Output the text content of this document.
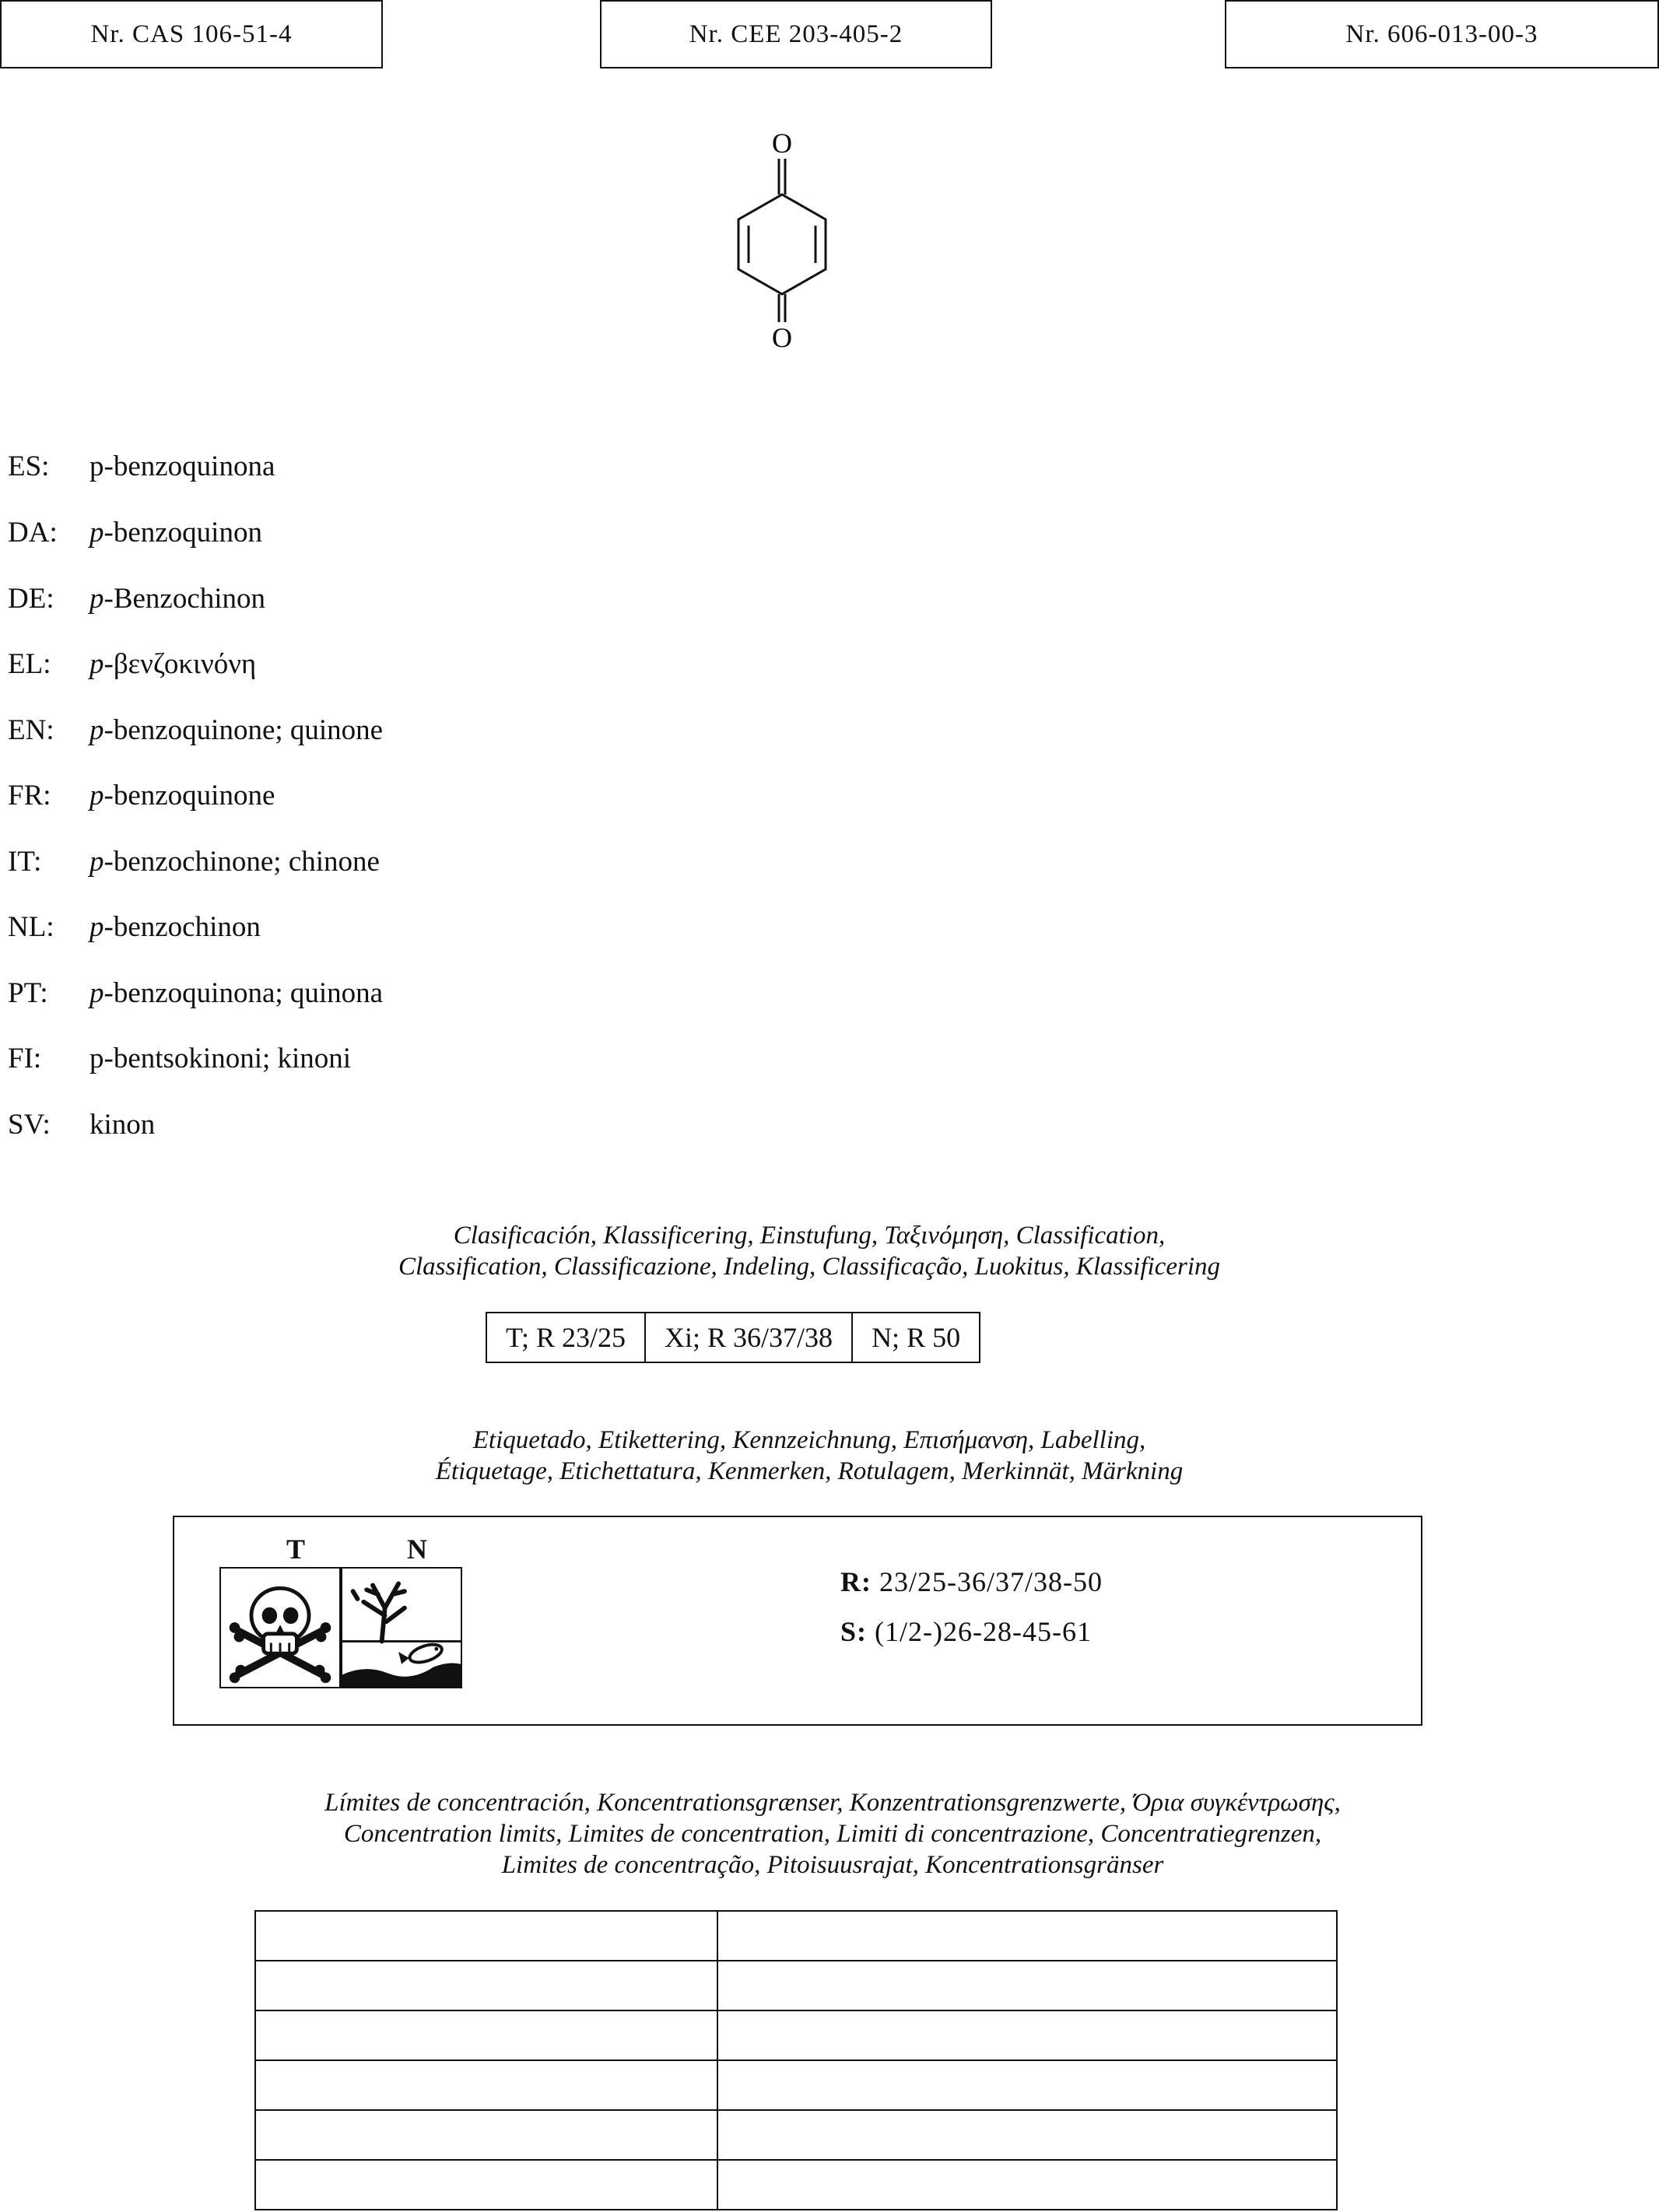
Nr. CAS 106-51-4	Nr. CEE 203-405-2	Nr. 606-013-00-3
O
O
ES:	p-benzoquinona
DA:	p-benzoquinon
DE:	p-Benzochinon
EL:	p-βενζοκινόνη
EN:	p-benzoquinone; quinone
FR:	p-benzoquinone
IT:	p-benzochinone; chinone
NL:	p-benzochinon
PT:	p-benzoquinona; quinona
FI:	p-bentsokinoni; kinoni
SV:	kinon
Clasificación, Klassificering, Einstufung, Ταξινόμηση, Classification,
Classification, Classificazione, Indeling, Classificação, Luokitus, Klassificering
T; R 23/25	Xi; R 36/37/38	N; R 50
Etiquetado, Etikettering, Kennzeichnung, Επισήμανση, Labelling,
Étiquetage, Etichettatura, Kenmerken, Rotulagem, Merkinnät, Märkning
T	N
R: 23/25-36/37/38-50
S: (1/2-)26-28-45-61
Límites de concentración, Koncentrationsgrænser, Konzentrationsgrenzwerte, Όρια συγκέντρωσης,
Concentration limits, Limites de concentration, Limiti di concentrazione, Concentratiegrenzen,
Limites de concentração, Pitoisuusrajat, Koncentrationsgränser
